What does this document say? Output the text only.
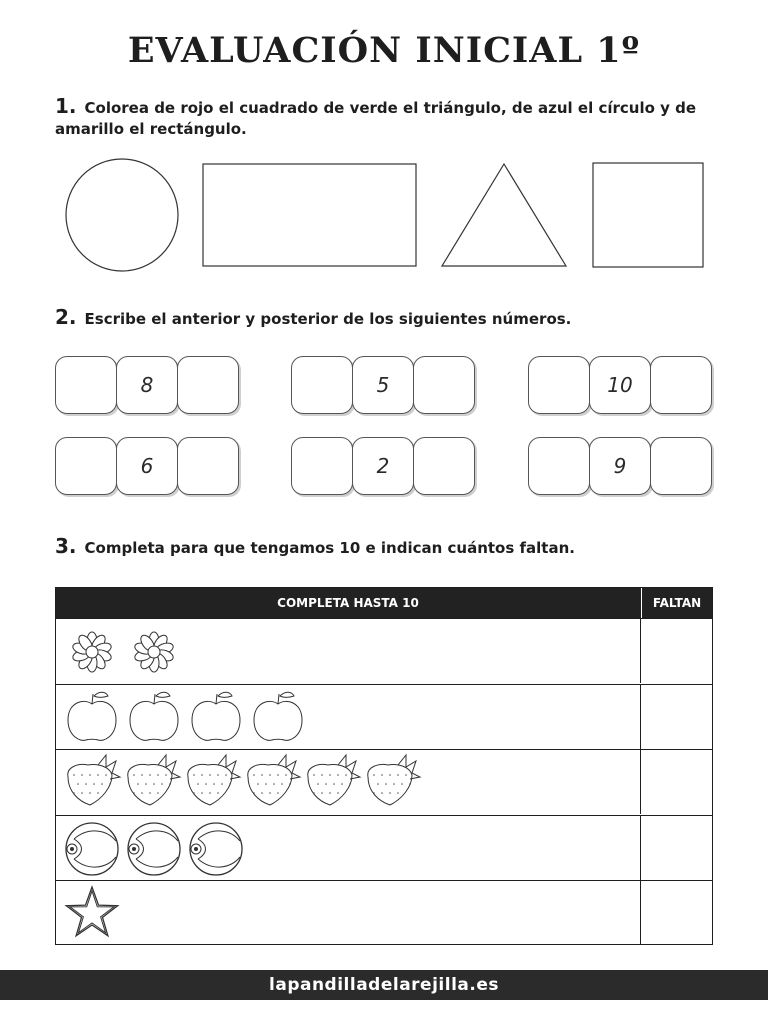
EVALUACIÓN INICIAL 1º
1. Colorea de rojo el cuadrado de verde el triángulo, de azul el círculo y de amarillo el rectángulo.
2. Escribe el anterior y posterior de los siguientes números.
8	5	10
6	2	9
3. Completa para que tengamos 10 e indican cuántos faltan.
COMPLETA HASTA 10	FALTAN
lapandilladelarejilla.es
